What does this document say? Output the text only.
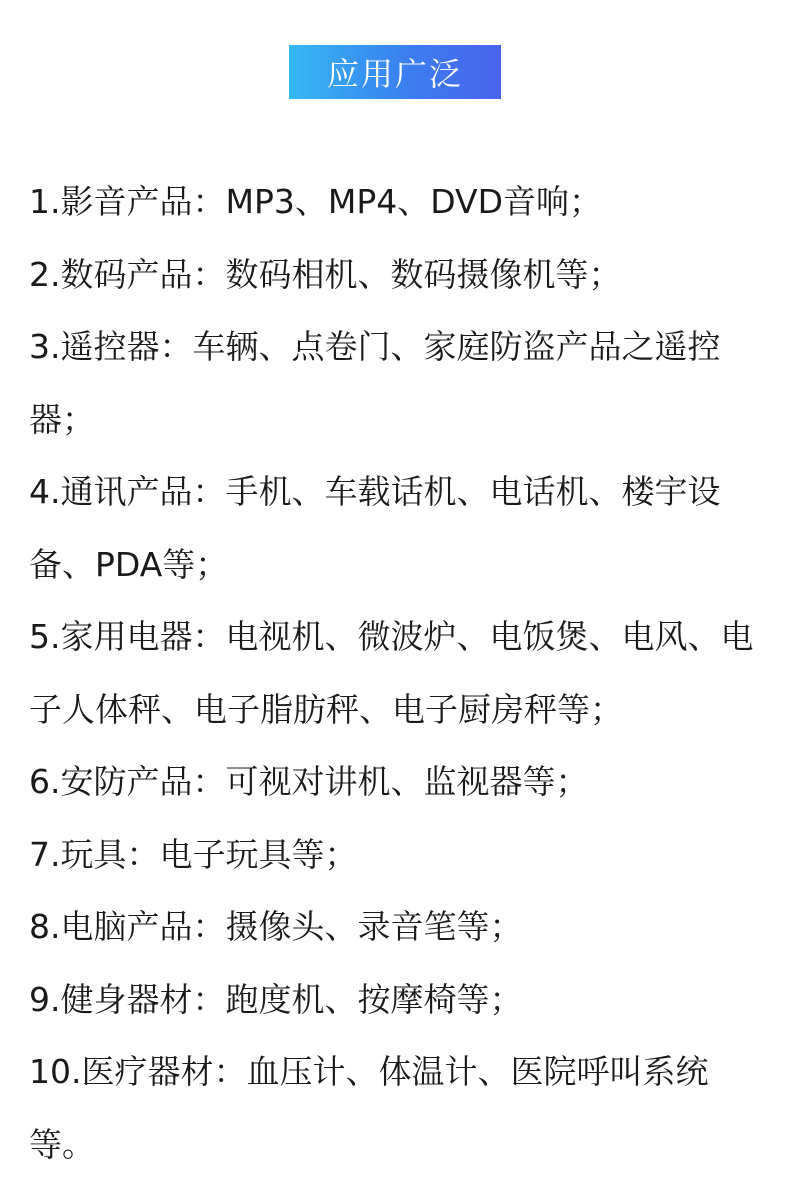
应用广泛

1.影音产品：MP3、MP4、DVD音响；

2.数码产品：数码相机、数码摄像机等；

3.遥控器：车辆、点卷门、家庭防盗产品之遥控器；

4.通讯产品：手机、车载话机、电话机、楼宇设备、PDA等；

5.家用电器：电视机、微波炉、电饭煲、电风、电子人体秤、电子脂肪秤、电子厨房秤等；

6.安防产品：可视对讲机、监视器等；

7.玩具：电子玩具等；

8.电脑产品：摄像头、录音笔等；

9.健身器材：跑度机、按摩椅等；

10.医疗器材：血压计、体温计、医院呼叫系统等。
